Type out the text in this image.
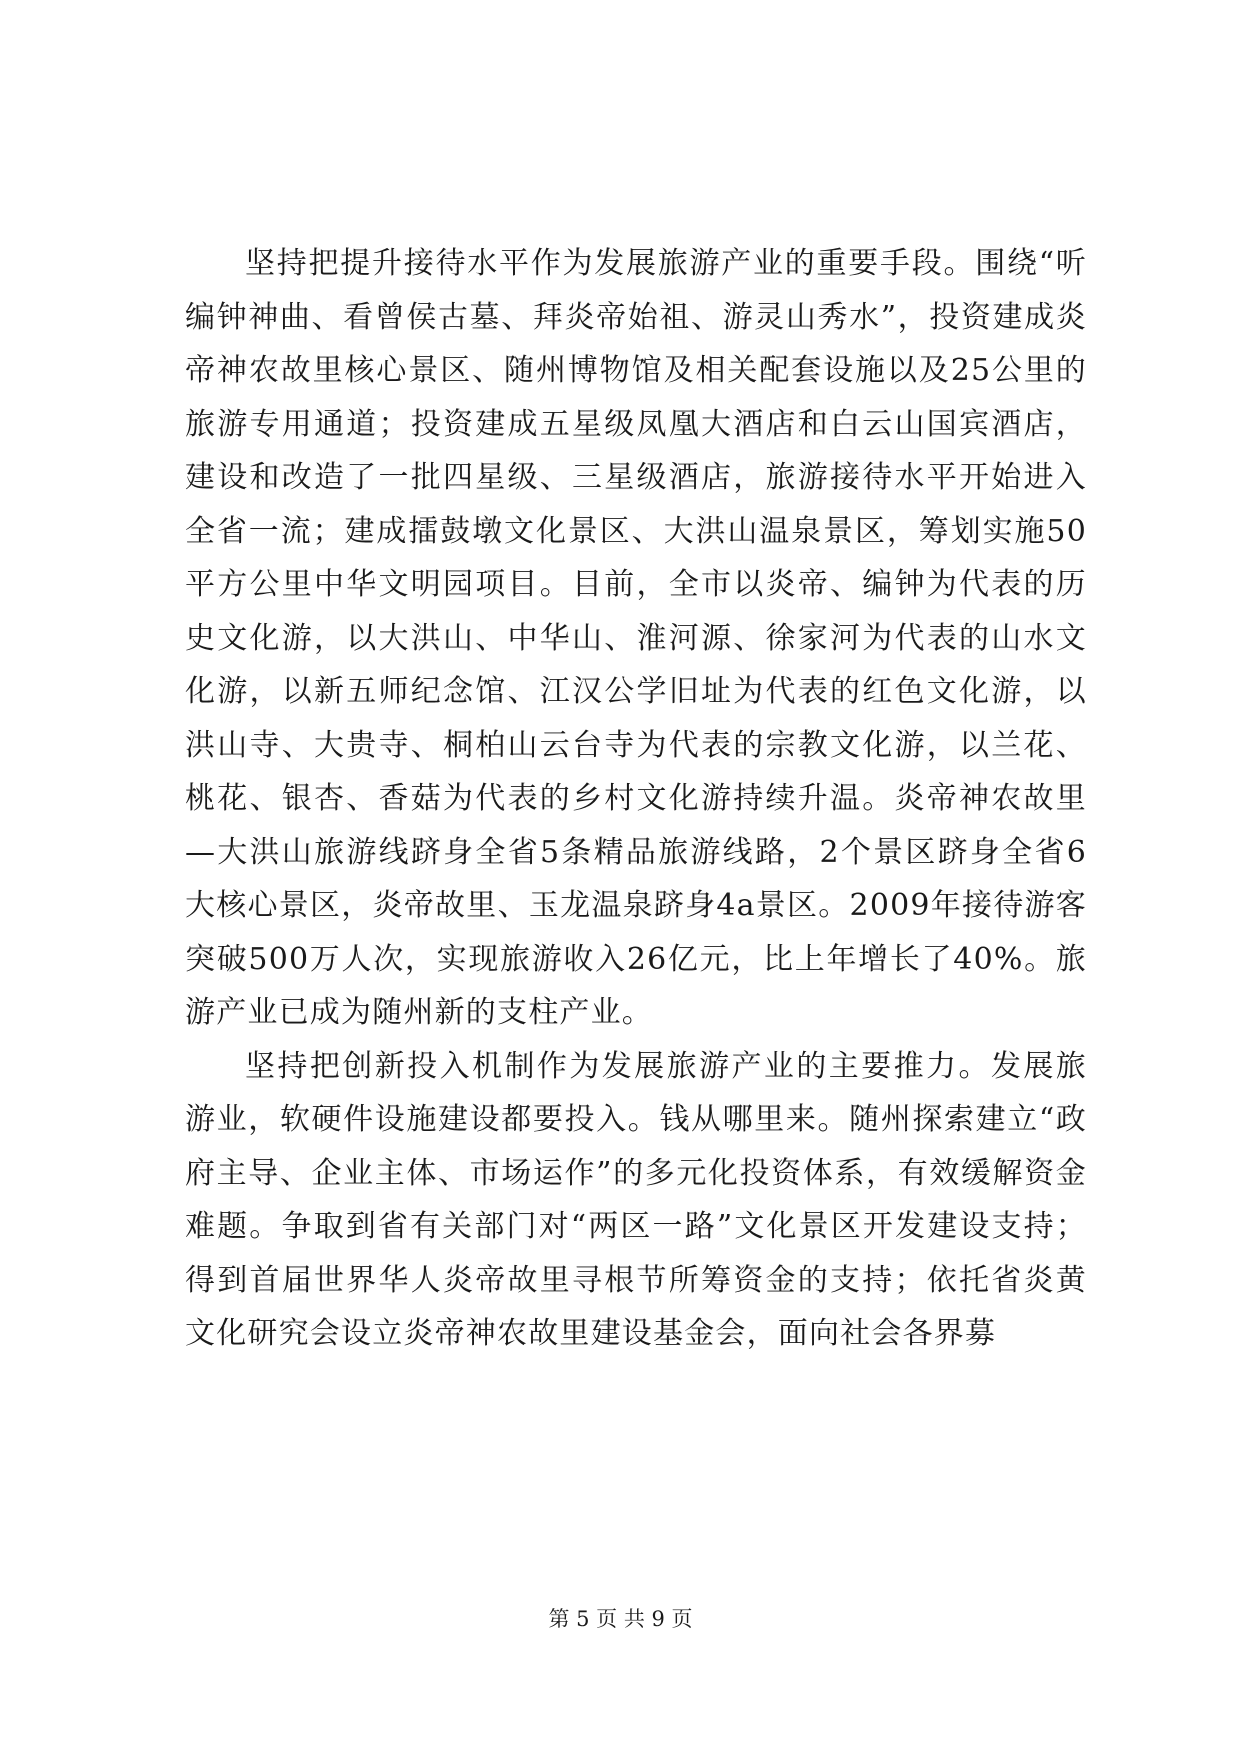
坚持把提升接待水平作为发展旅游产业的重要手段。围绕“听编钟神曲、看曾侯古墓、拜炎帝始祖、游灵山秀水”，投资建成炎帝神农故里核心景区、随州博物馆及相关配套设施以及25公里的旅游专用通道；投资建成五星级凤凰大酒店和白云山国宾酒店，建设和改造了一批四星级、三星级酒店，旅游接待水平开始进入全省一流；建成擂鼓墩文化景区、大洪山温泉景区，筹划实施50平方公里中华文明园项目。目前，全市以炎帝、编钟为代表的历史文化游，以大洪山、中华山、淮河源、徐家河为代表的山水文化游，以新五师纪念馆、江汉公学旧址为代表的红色文化游，以洪山寺、大贵寺、桐柏山云台寺为代表的宗教文化游，以兰花、桃花、银杏、香菇为代表的乡村文化游持续升温。炎帝神农故里—大洪山旅游线跻身全省5条精品旅游线路，2个景区跻身全省6大核心景区，炎帝故里、玉龙温泉跻身4a景区。2009年接待游客突破500万人次，实现旅游收入26亿元，比上年增长了40%。旅游产业已成为随州新的支柱产业。

坚持把创新投入机制作为发展旅游产业的主要推力。发展旅游业，软硬件设施建设都要投入。钱从哪里来。随州探索建立“政府主导、企业主体、市场运作”的多元化投资体系，有效缓解资金难题。争取到省有关部门对“两区一路”文化景区开发建设支持；得到首届世界华人炎帝故里寻根节所筹资金的支持；依托省炎黄文化研究会设立炎帝神农故里建设基金会，面向社会各界募

第 5 页 共 9 页
